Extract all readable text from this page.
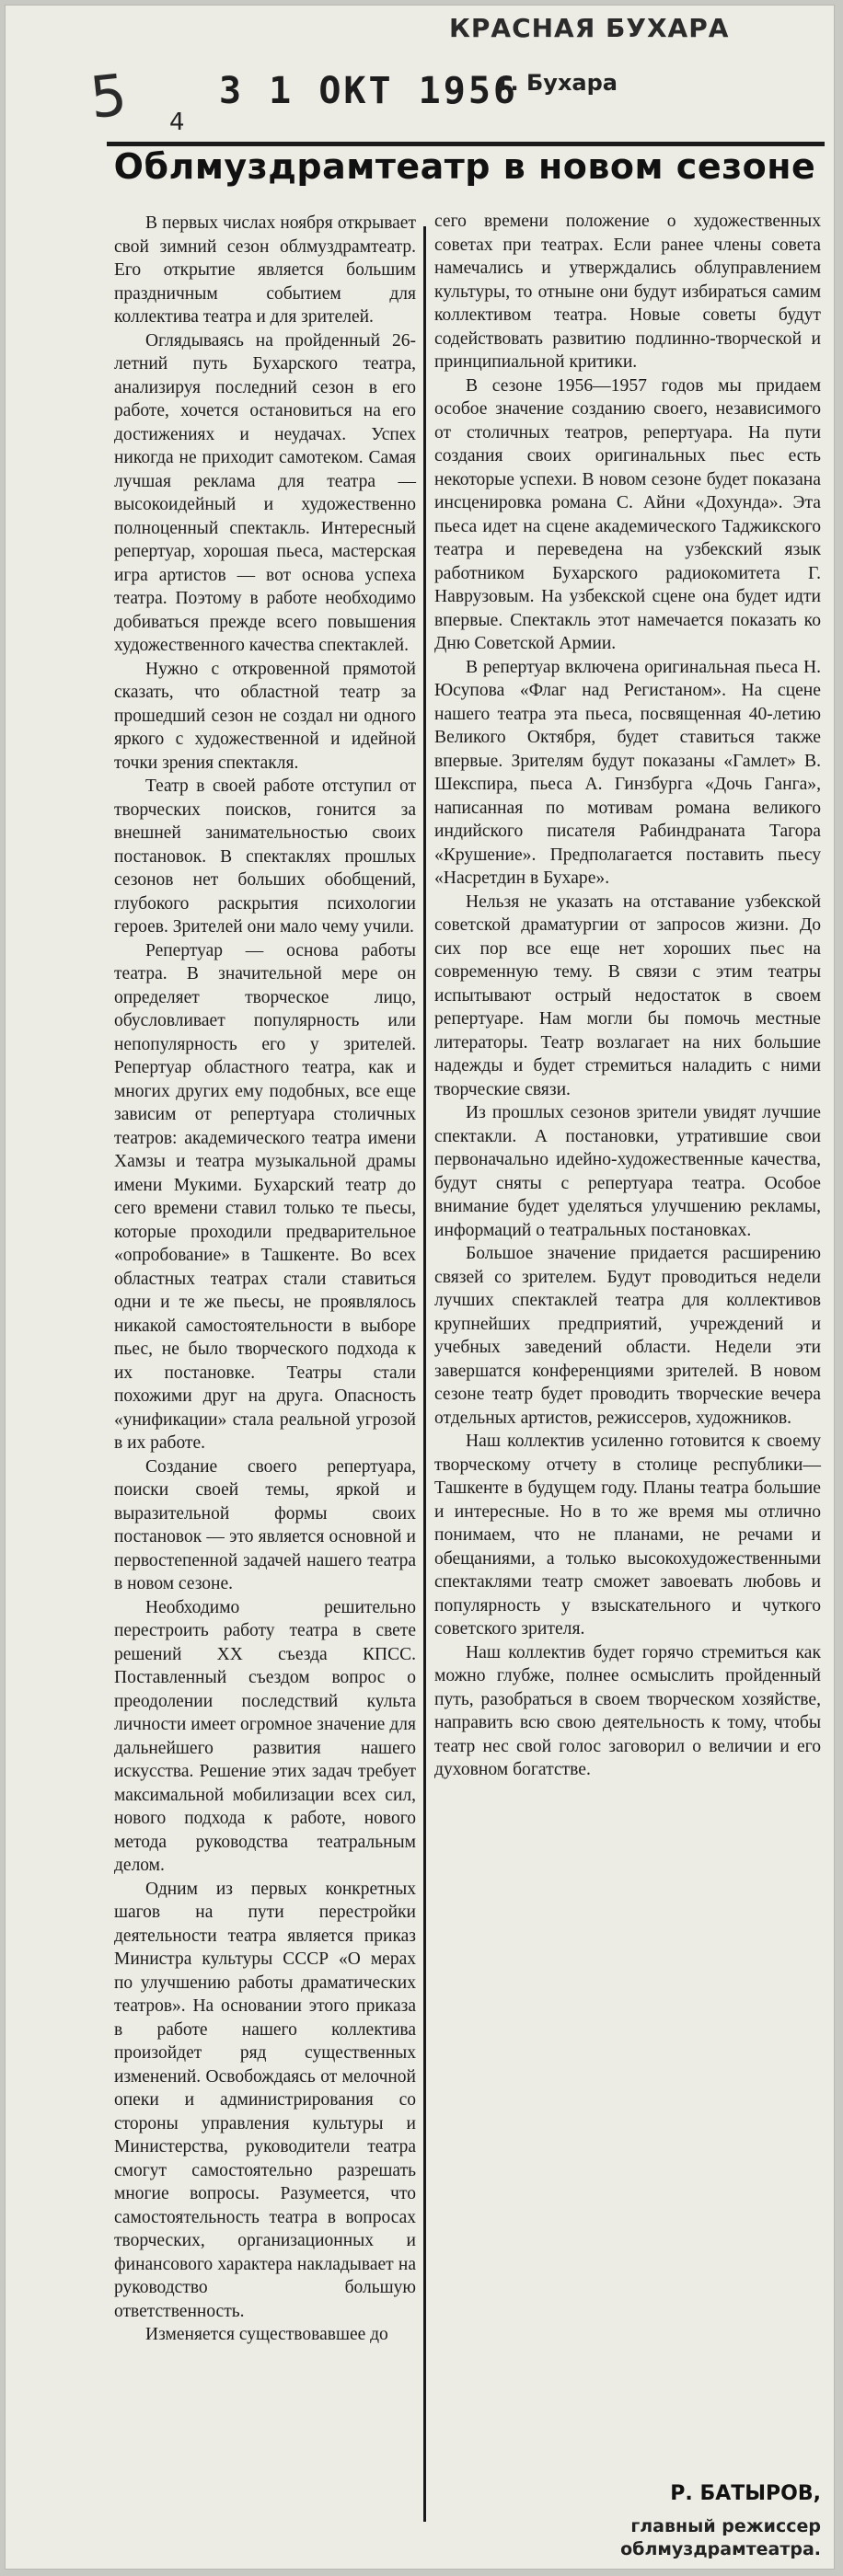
5 4
3 1 ОКТ 1956
КРАСНАЯ БУХАРА
г. Бухара
Облмуздрамтеатр в новом сезоне

В первых числах ноября открывает свой зимний сезон облмуздрамтеатр. Его открытие является большим праздничным событием для коллектива театра и для зрителей.

Оглядываясь на пройденный 26-летний путь Бухарского театра, анализируя последний сезон в его работе, хочется остановиться на его достижениях и неудачах. Успех никогда не приходит самотеком. Самая лучшая реклама для театра — высокоидейный и художественно полноценный спектакль. Интересный репертуар, хорошая пьеса, мастерская игра артистов — вот основа успеха театра. Поэтому в работе необходимо добиваться прежде всего повышения художественного качества спектаклей.

Нужно с откровенной прямотой сказать, что областной театр за прошедший сезон не создал ни одного яркого с художественной и идейной точки зрения спектакля.

Театр в своей работе отступил от творческих поисков, гонится за внешней занимательностью своих постановок. В спектаклях прошлых сезонов нет больших обобщений, глубокого раскрытия психологии героев. Зрителей они мало чему учили.

Репертуар — основа работы театра. В значительной мере он определяет творческое лицо, обусловливает популярность или непопулярность его у зрителей. Репертуар областного театра, как и многих других ему подобных, все еще зависим от репертуара столичных театров: академического театра имени Хамзы и театра музыкальной драмы имени Мукими. Бухарский театр до сего времени ставил только те пьесы, которые проходили предварительное «опробование» в Ташкенте. Во всех областных театрах стали ставиться одни и те же пьесы, не проявлялось никакой самостоятельности в выборе пьес, не было творческого подхода к их постановке. Театры стали похожими друг на друга. Опасность «унификации» стала реальной угрозой в их работе.

Создание своего репертуара, поиски своей темы, яркой и выразительной формы своих постановок — это является основной и первостепенной задачей нашего театра в новом сезоне.

Необходимо решительно перестроить работу театра в свете решений XX съезда КПСС. Поставленный съездом вопрос о преодолении последствий культа личности имеет огромное значение для дальнейшего развития нашего искусства. Решение этих задач требует максимальной мобилизации всех сил, нового подхода к работе, нового метода руководства театральным делом.

Одним из первых конкретных шагов на пути перестройки деятельности театра является приказ Министра культуры СССР «О мерах по улучшению работы драматических театров». На основании этого приказа в работе нашего коллектива произойдет ряд существенных изменений. Освобождаясь от мелочной опеки и администрирования со стороны управления культуры и Министерства, руководители театра смогут самостоятельно разрешать многие вопросы. Разумеется, что самостоятельность театра в вопросах творческих, организационных и финансового характера накладывает на руководство большую ответственность.

Изменяется существовавшее до

сего времени положение о художественных советах при театрах. Если ранее члены совета намечались и утверждались облуправлением культуры, то отныне они будут избираться самим коллективом театра. Новые советы будут содействовать развитию подлинно-творческой и принципиальной критики.

В сезоне 1956—1957 годов мы придаем особое значение созданию своего, независимого от столичных театров, репертуара. На пути создания своих оригинальных пьес есть некоторые успехи. В новом сезоне будет показана инсценировка романа С. Айни «Дохунда». Эта пьеса идет на сцене академического Таджикского театра и переведена на узбекский язык работником Бухарского радиокомитета Г. Наврузовым. На узбекской сцене она будет идти впервые. Спектакль этот намечается показать ко Дню Советской Армии.

В репертуар включена оригинальная пьеса Н. Юсупова «Флаг над Регистаном». На сцене нашего театра эта пьеса, посвященная 40-летию Великого Октября, будет ставиться также впервые. Зрителям будут показаны «Гамлет» В. Шекспира, пьеса А. Гинзбурга «Дочь Ганга», написанная по мотивам романа великого индийского писателя Рабиндраната Тагора «Крушение». Предполагается поставить пьесу «Насретдин в Бухаре».

Нельзя не указать на отставание узбекской советской драматургии от запросов жизни. До сих пор все еще нет хороших пьес на современную тему. В связи с этим театры испытывают острый недостаток в своем репертуаре. Нам могли бы помочь местные литераторы. Театр возлагает на них большие надежды и будет стремиться наладить с ними творческие связи.

Из прошлых сезонов зрители увидят лучшие спектакли. А постановки, утратившие свои первоначально идейно-художественные качества, будут сняты с репертуара театра. Особое внимание будет уделяться улучшению рекламы, информаций о театральных постановках.

Большое значение придается расширению связей со зрителем. Будут проводиться недели лучших спектаклей театра для коллективов крупнейших предприятий, учреждений и учебных заведений области. Недели эти завершатся конференциями зрителей. В новом сезоне театр будет проводить творческие вечера отдельных артистов, режиссеров, художников.

Наш коллектив усиленно готовится к своему творческому отчету в столице республики—Ташкенте в будущем году. Планы театра большие и интересные. Но в то же время мы отлично понимаем, что не планами, не речами и обещаниями, а только высокохудожественными спектаклями театр сможет завоевать любовь и популярность у взыскательного и чуткого советского зрителя.

Наш коллектив будет горячо стремиться как можно глубже, полнее осмыслить пройденный путь, разобраться в своем творческом хозяйстве, направить всю свою деятельность к тому, чтобы театр нес свой голос заговорил о величии и его духовном богатстве.

Р. БАТЫРОВ,
главный режиссер облмуздрамтеатра.
